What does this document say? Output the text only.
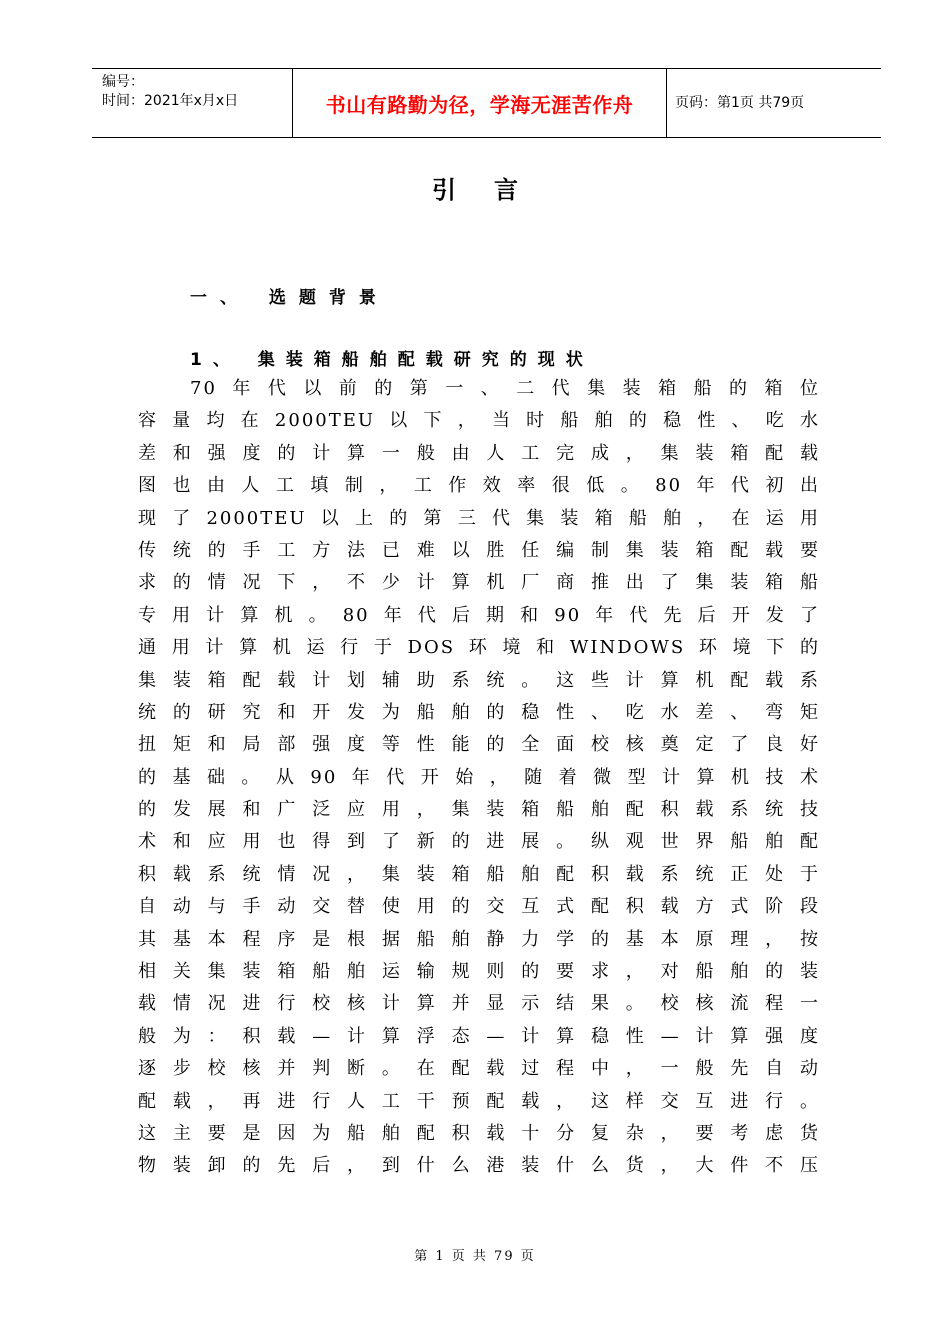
编号：
时间：2021年x月x日	书山有路勤为径，学海无涯苦作舟	页码：第1页 共79页
引言
一、 选题背景
1、 集装箱船舶配载研究的现状
70年代以前的第一、二代集装箱船的箱位
容量均在2000TEU以下，当时船舶的稳性、吃水
差和强度的计算一般由人工完成，集装箱配载
图也由人工填制，工作效率很低。80年代初出
现了2000TEU以上的第三代集装箱船舶，在运用
传统的手工方法已难以胜任编制集装箱配载要
求的情况下，不少计算机厂商推出了集装箱船
专用计算机。80年代后期和90年代先后开发了
通用计算机运行于DOS环境和WINDOWS环境下的
集装箱配载计划辅助系统。这些计算机配载系
统的研究和开发为船舶的稳性、吃水差、弯矩
扭矩和局部强度等性能的全面校核奠定了良好
的基础。从90年代开始，随着微型计算机技术
的发展和广泛应用，集装箱船舶配积载系统技
术和应用也得到了新的进展。纵观世界船舶配
积载系统情况，集装箱船舶配积载系统正处于
自动与手动交替使用的交互式配积载方式阶段
其基本程序是根据船舶静力学的基本原理，按
相关集装箱船舶运输规则的要求，对船舶的装
载情况进行校核计算并显示结果。校核流程一
般为：积载—计算浮态—计算稳性—计算强度
逐步校核并判断。在配载过程中，一般先自动
配载，再进行人工干预配载，这样交互进行。
这主要是因为船舶配积载十分复杂，要考虑货
物装卸的先后，到什么港装什么货，大件不压
第 1 页 共 79 页
